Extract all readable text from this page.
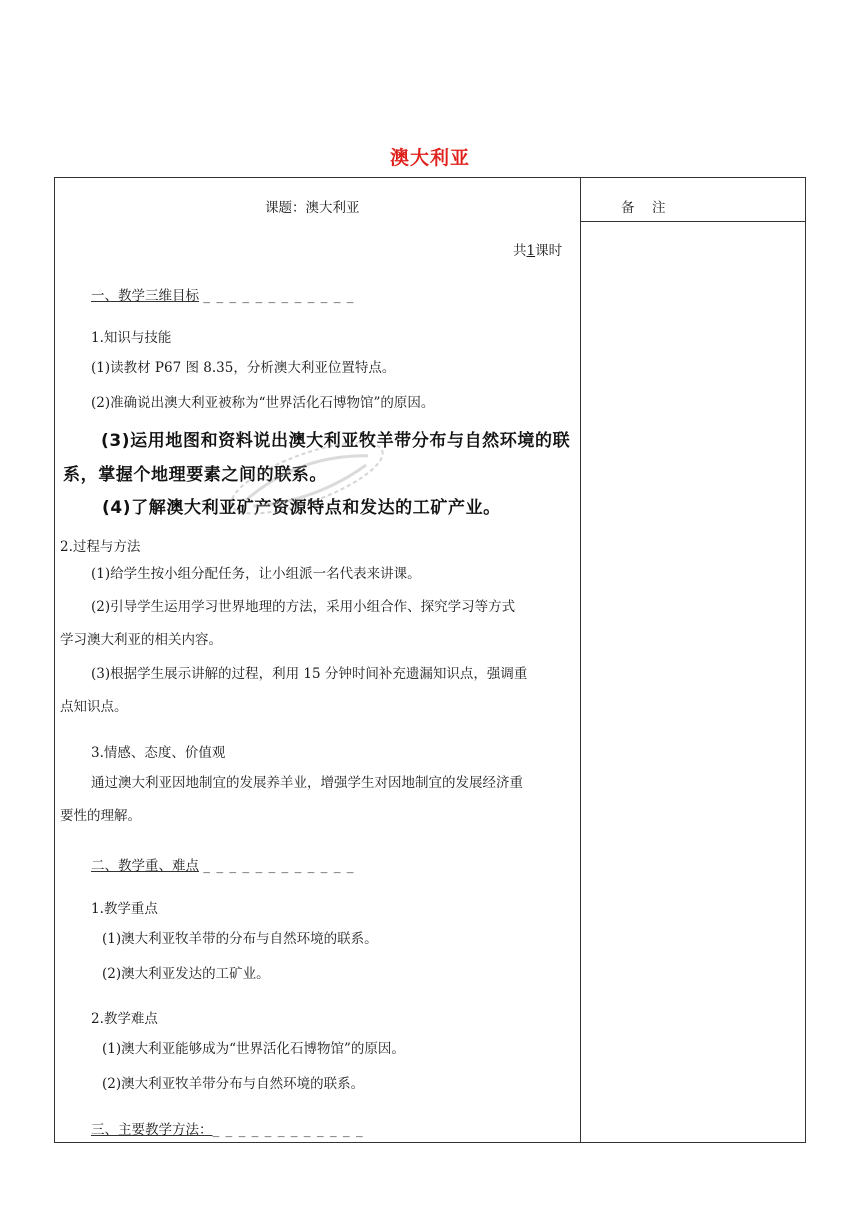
澳大利亚
课题：澳大利亚	备　注
共1课时
一、教学三维目标 _ _ _ _ _ _ _ _ _ _ _ _
1.知识与技能
(1)读教材 P67 图 8.35，分析澳大利亚位置特点。
(2)准确说出澳大利亚被称为“世界活化石博物馆”的原因。
(3)运用地图和资料说出澳大利亚牧羊带分布与自然环境的联
系，掌握个地理要素之间的联系。
(4)了解澳大利亚矿产资源特点和发达的工矿产业。
2.过程与方法
(1)给学生按小组分配任务，让小组派一名代表来讲课。
(2)引导学生运用学习世界地理的方法，采用小组合作、探究学习等方式
学习澳大利亚的相关内容。
(3)根据学生展示讲解的过程，利用 15 分钟时间补充遗漏知识点，强调重
点知识点。
3.情感、态度、价值观
通过澳大利亚因地制宜的发展养羊业，增强学生对因地制宜的发展经济重
要性的理解。
二、教学重、难点 _ _ _ _ _ _ _ _ _ _ _ _
1.教学重点
(1)澳大利亚牧羊带的分布与自然环境的联系。
(2)澳大利亚发达的工矿业。
2.教学难点
(1)澳大利亚能够成为“世界活化石博物馆”的原因。
(2)澳大利亚牧羊带分布与自然环境的联系。
三、主要教学方法：_ _ _ _ _ _ _ _ _ _ _ _
